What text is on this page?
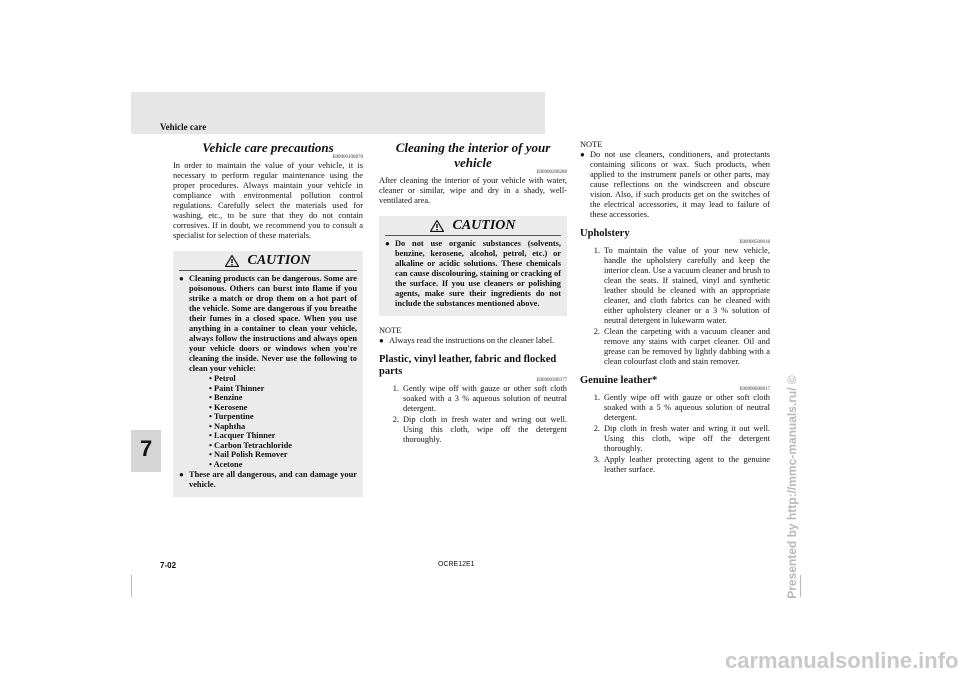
Vehicle care
7
Vehicle care precautions
E00900100870

In order to maintain the value of your vehicle, it is necessary to perform regular maintenance using the proper procedures. Always maintain your vehicle in compliance with environmental pollution control regulations. Carefully select the materials used for washing, etc., to be sure that they do not contain corrosives. If in doubt, we recommend you to consult a specialist for selection of these materials.

CAUTION
● Cleaning products can be dangerous. Some are poisonous. Others can burst into flame if you strike a match or drop them on a hot part of the vehicle. Some are dangerous if you breathe their fumes in a closed space. When you use anything in a container to clean your vehicle, always follow the instructions and always open your vehicle doors or windows when you're cleaning the inside. Never use the following to clean your vehicle:
• Petrol
• Paint Thinner
• Benzine
• Kerosene
• Turpentine
• Naphtha
• Lacquer Thinner
• Carbon Tetrachloride
• Nail Polish Remover
• Acetone
● These are all dangerous, and can damage your vehicle.
Cleaning the interior of your
vehicle
E00900200288

After cleaning the interior of your vehicle with water, cleaner or similar, wipe and dry in a shady, well-ventilated area.

CAUTION
● Do not use organic substances (solvents, benzine, kerosene, alcohol, petrol, etc.) or alkaline or acidic solutions. These chemicals can cause discolouring, staining or cracking of the surface. If you use cleaners or polishing agents, make sure their ingredients do not include the substances mentioned above.
NOTE
● Always read the instructions on the cleaner label.
Plastic, vinyl leather, fabric and flocked parts
E00900300377
1. Gently wipe off with gauze or other soft cloth soaked with a 3 % aqueous solution of neutral detergent.
2. Dip cloth in fresh water and wring out well. Using this cloth, wipe off the detergent thoroughly.
NOTE
● Do not use cleaners, conditioners, and protectants containing silicons or wax. Such products, when applied to the instrument panels or other parts, may cause reflections on the windscreen and obscure vision. Also, if such products get on the switches of the electrical accessories, it may lead to failure of these accessories.
Upholstery
E00900500018
1. To maintain the value of your new vehicle, handle the upholstery carefully and keep the interior clean. Use a vacuum cleaner and brush to clean the seats. If stained, vinyl and synthetic leather should be cleaned with an appropriate cleaner, and cloth fabrics can be cleaned with either upholstery cleaner or a 3 % solution of neutral detergent in lukewarm water.
2. Clean the carpeting with a vacuum cleaner and remove any stains with carpet cleaner. Oil and grease can be removed by lightly dabbing with a clean colourfast cloth and stain remover.
Genuine leather*
E00900600817
1. Gently wipe off with gauze or other soft cloth soaked with a 5 % aqueous solution of neutral detergent.
2. Dip cloth in fresh water and wring it out well. Using this cloth, wipe off the detergent thoroughly.
3. Apply leather protecting agent to the genuine leather surface.
7-02	OCRE12E1	Presented by http://mmc-manuals.ru/ ©
carmanualsonline.info
